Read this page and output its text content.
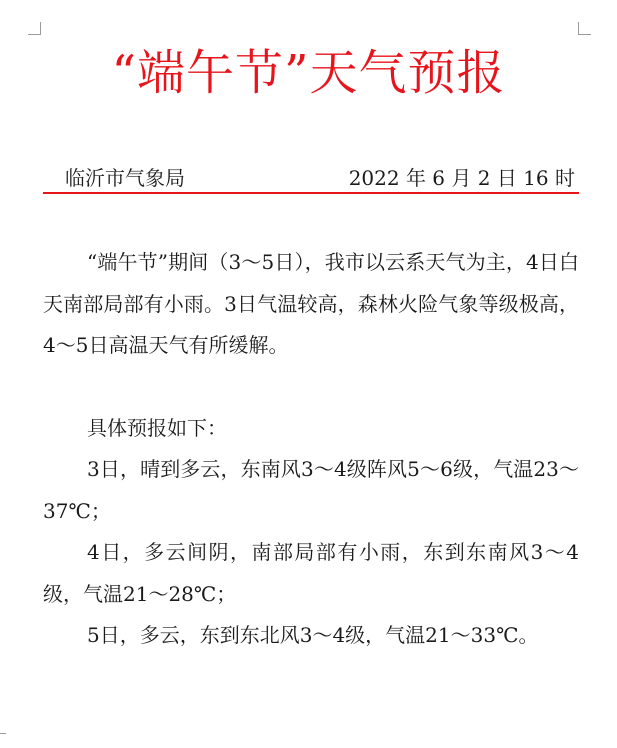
“端午节”天气预报
临沂市气象局	2022 年 6 月 2 日 16 时

“端午节”期间（3～5日），我市以云系天气为主，4日白天南部局部有小雨。3日气温较高，森林火险气象等级极高，4～5日高温天气有所缓解。

具体预报如下：

3日，晴到多云，东南风3～4级阵风5～6级，气温23～37℃；

4日，多云间阴，南部局部有小雨，东到东南风3～4级，气温21～28℃；

5日，多云，东到东北风3～4级，气温21～33℃。
